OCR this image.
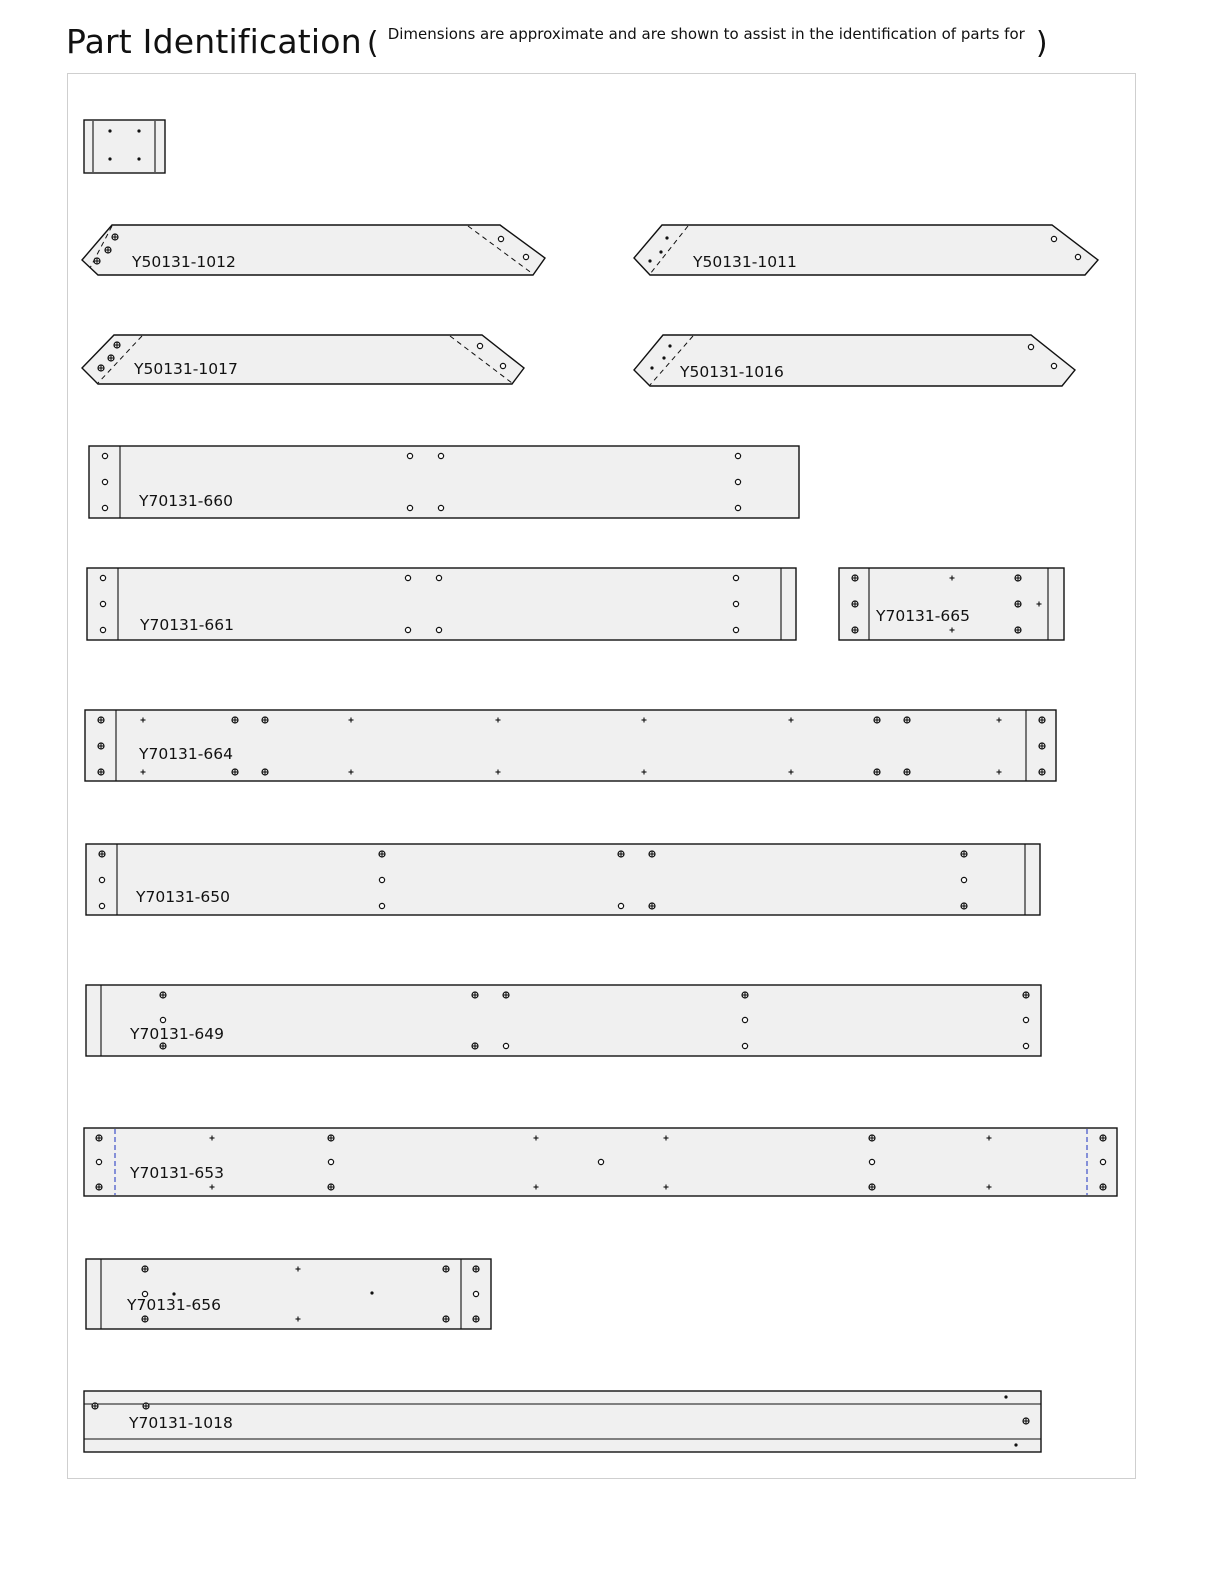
Part Identification ( Dimensions are approximate and are shown to assist in the identification of parts for )
Y50131-1012	Y50131-1011
Y50131-1017	Y50131-1016
Y70131-660
Y70131-661	Y70131-665
Y70131-664
Y70131-650
Y70131-649
Y70131-653
Y70131-656
Y70131-1018
